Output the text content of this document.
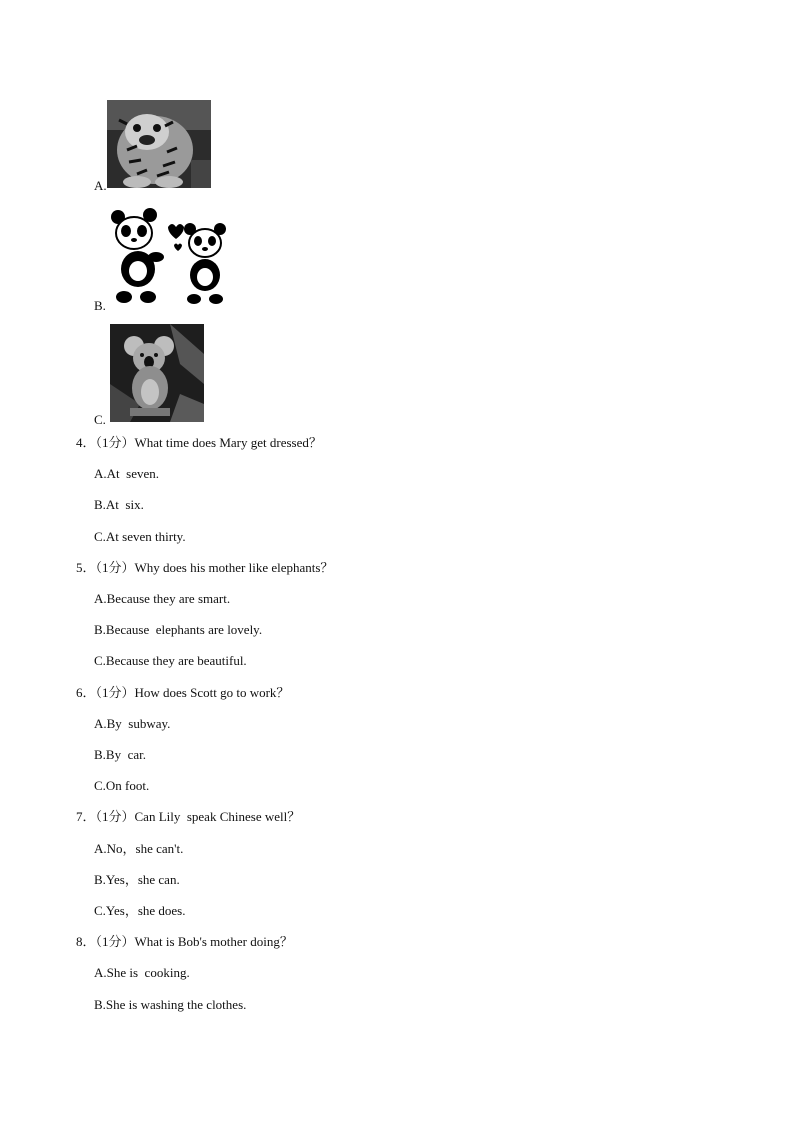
A.
B.
C.
4．（1分）What time does Mary get dressed？
A.At  seven.
B.At  six.
C.At seven thirty.
5．（1分）Why does his mother like elephants？
A.Because they are smart.
B.Because  elephants are lovely.
C.Because they are beautiful.
6．（1分）How does Scott go to work？
A.By  subway.
B.By  car.
C.On foot.
7．（1分）Can Lily  speak Chinese well？
A.No，she can't.
B.Yes，she can.
C.Yes，she does.
8．（1分）What is Bob's mother doing？
A.She is  cooking.
B.She is washing the clothes.
